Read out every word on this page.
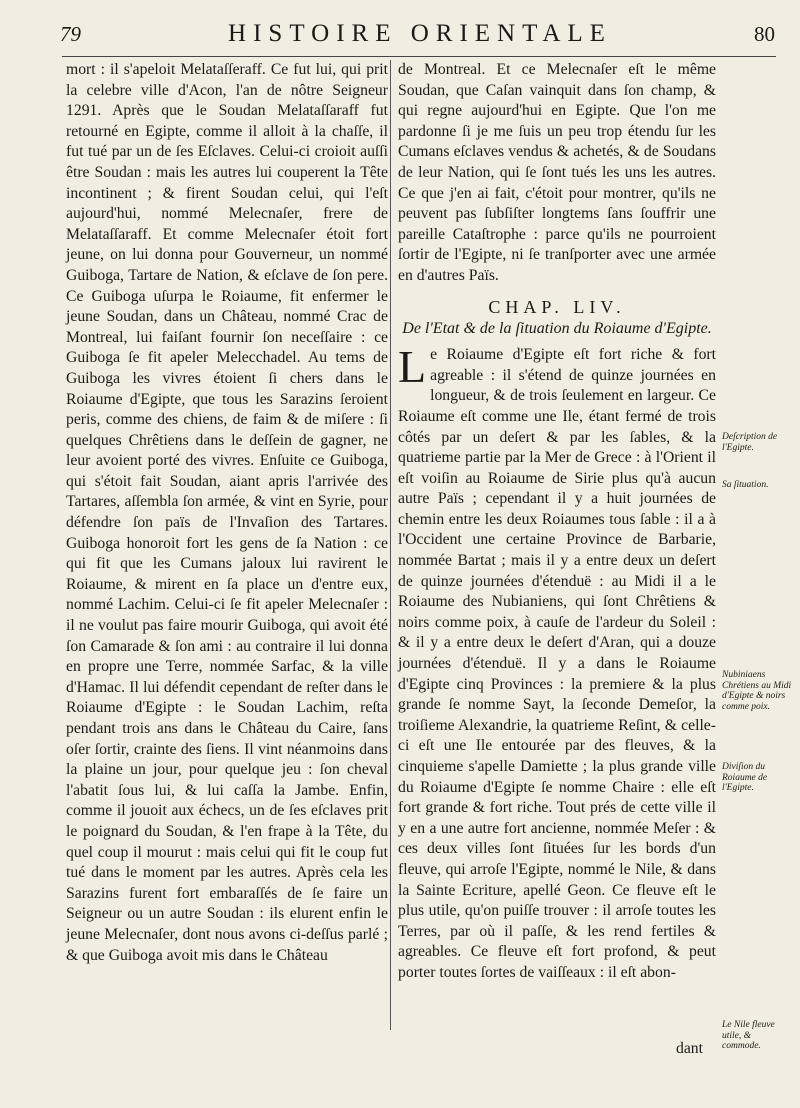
79	HISTOIRE ORIENTALE	80

mort : il s'apeloit Melataſſeraff. Ce fut lui, qui prit la celebre ville d'Acon, l'an de nôtre Seigneur 1291. Après que le Soudan Melataſſaraff fut retourné en Egipte, comme il alloit à la chaſſe, il fut tué par un de ſes Eſclaves. Celui-ci croioit auſſi être Soudan : mais les autres lui couperent la Tête incontinent ; & firent Soudan celui, qui l'eſt aujourd'hui, nommé Melecnaſer, frere de Melataſſaraff. Et comme Melecnaſer étoit fort jeune, on lui donna pour Gouverneur, un nommé Guiboga, Tartare de Nation, & eſclave de ſon pere. Ce Guiboga uſurpa le Roiaume, fit enfermer le jeune Soudan, dans un Château, nommé Crac de Montreal, lui faiſant fournir ſon neceſſaire : ce Guiboga ſe fit apeler Melecchadel. Au tems de Guiboga les vivres étoient ſi chers dans le Roiaume d'Egipte, que tous les Sarazins ſeroient peris, comme des chiens, de faim & de miſere : ſi quelques Chrêtiens dans le deſſein de gagner, ne leur avoient porté des vivres. Enſuite ce Guiboga, qui s'étoit fait Soudan, aiant apris l'arrivée des Tartares, aſſembla ſon armée, & vint en Syrie, pour défendre ſon païs de l'Invaſion des Tartares. Guiboga honoroit fort les gens de ſa Nation : ce qui fit que les Cumans jaloux lui ravirent le Roiaume, & mirent en ſa place un d'entre eux, nommé Lachim. Celui-ci ſe fit apeler Melecnaſer : il ne voulut pas faire mourir Guiboga, qui avoit été ſon Camarade & ſon ami : au contraire il lui donna en propre une Terre, nommée Sarfac, & la ville d'Hamac. Il lui défendit cependant de reſter dans le Roiaume d'Egipte : le Soudan Lachim, reſta pendant trois ans dans le Château du Caire, ſans oſer ſortir, crainte des ſiens. Il vint néanmoins dans la plaine un jour, pour quelque jeu : ſon cheval l'abatit ſous lui, & lui caſſa la Jambe. Enfin, comme il jouoit aux échecs, un de ſes eſclaves prit le poignard du Soudan, & l'en frape à la Tête, du quel coup il mourut : mais celui qui fit le coup fut tué dans le moment par les autres. Après cela les Sarazins furent fort embaraſſés de ſe faire un Seigneur ou un autre Soudan : ils elurent enfin le jeune Melecnaſer, dont nous avons ci-deſſus parlé ; & que Guiboga avoit mis dans le Château

de Montreal. Et ce Melecnaſer eſt le même Soudan, que Caſan vainquit dans ſon champ, & qui regne aujourd'hui en Egipte. Que l'on me pardonne ſi je me ſuis un peu trop étendu ſur les Cumans eſclaves vendus & achetés, & de Soudans de leur Nation, qui ſe ſont tués les uns les autres. Ce que j'en ai fait, c'étoit pour montrer, qu'ils ne peuvent pas ſubſiſter longtems ſans ſouffrir une pareille Cataſtrophe : parce qu'ils ne pourroient ſortir de l'Egipte, ni ſe tranſporter avec une armée en d'autres Païs.

CHAP. LIV.
De l'Etat & de la ſituation du Roiaume d'Egipte.

Le Roiaume d'Egipte eſt fort riche & fort agreable : il s'étend de quinze journées en longueur, & de trois ſeulement en largeur. Ce Roiaume eſt comme une Ile, étant fermé de trois côtés par un deſert & par les ſables, & la quatrieme partie par la Mer de Grece : à l'Orient il eſt voiſin au Roiaume de Sirie plus qu'à aucun autre Païs ; cependant il y a huit journées de chemin entre les deux Roiaumes tous ſable : il a à l'Occident une certaine Province de Barbarie, nommée Bartat ; mais il y a entre deux un deſert de quinze journées d'étenduë : au Midi il a le Roiaume des Nubianiens, qui ſont Chrêtiens & noirs comme poix, à cauſe de l'ardeur du Soleil : & il y a entre deux le deſert d'Aran, qui a douze journées d'étenduë. Il y a dans le Roiaume d'Egipte cinq Provinces : la premiere & la plus grande ſe nomme Sayt, la ſeconde Demeſor, la troiſieme Alexandrie, la quatrieme Reſint, & celle-ci eſt une Ile entourée par des fleuves, & la cinquieme s'apelle Damiette ; la plus grande ville du Roiaume d'Egipte ſe nomme Chaire : elle eſt fort grande & fort riche. Tout prés de cette ville il y en a une autre fort ancienne, nommée Meſer : & ces deux villes ſont ſituées ſur les bords d'un fleuve, qui arroſe l'Egipte, nommé le Nile, & dans la Sainte Ecriture, apellé Geon. Ce fleuve eſt le plus utile, qu'on puiſſe trouver : il arroſe toutes les Terres, par où il paſſe, & les rend fertiles & agreables. Ce fleuve eſt fort profond, & peut porter toutes ſortes de vaiſſeaux : il eſt abon-

Deſcription de l'Egipte.
Sa ſituation.
Nubiniaens Chrétiens au Midi d'Egipte & noirs comme poix.
Diviſion du Roiaume de l'Egipte.
Le Nile fleuve utile, & commode.
dant
